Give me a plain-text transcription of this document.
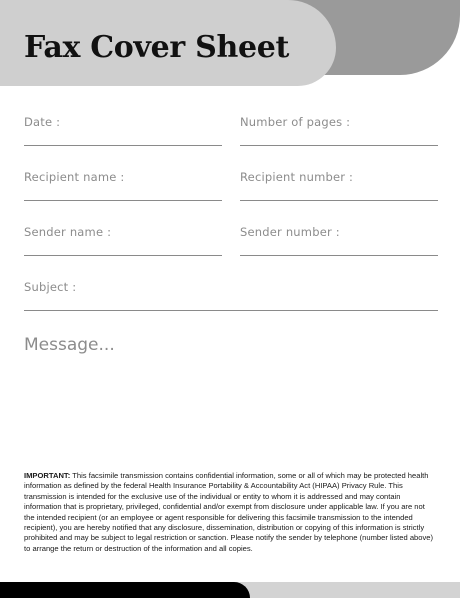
Fax Cover Sheet
Date :	Number of pages :
Recipient name :	Recipient number :
Sender name :	Sender number :
Subject :
Message...
IMPORTANT: This facsimile transmission contains confidential information, some or all of which may be protected health information as defined by the federal Health Insurance Portability & Accountability Act (HIPAA) Privacy Rule. This transmission is intended for the exclusive use of the individual or entity to whom it is addressed and may contain information that is proprietary, privileged, confidential and/or exempt from disclosure under applicable law. If you are not the intended recipient (or an employee or agent responsible for delivering this facsimile transmission to the intended recipient), you are hereby notified that any disclosure, dissemination, distribution or copying of this information is strictly prohibited and may be subject to legal restriction or sanction. Please notify the sender by telephone (number listed above) to arrange the return or destruction of the information and all copies.
